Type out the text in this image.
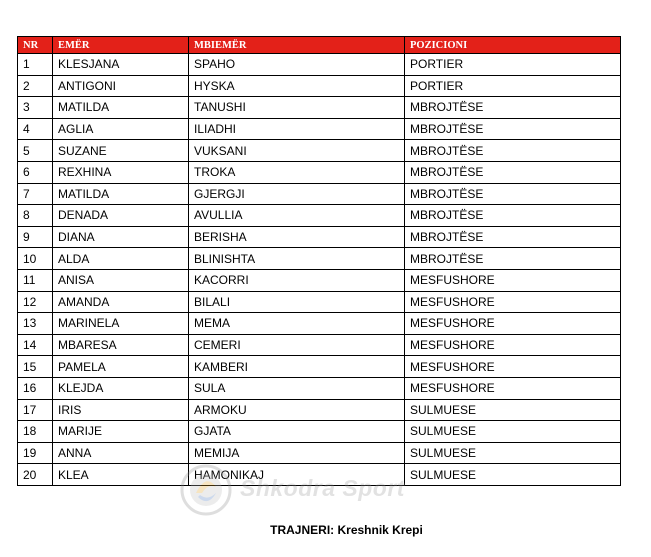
NR	EMËR	MBIEMËR	POZICIONI
1	KLESJANA	SPAHO	PORTIER
2	ANTIGONI	HYSKA	PORTIER
3	MATILDA	TANUSHI	MBROJTËSE
4	AGLIA	ILIADHI	MBROJTËSE
5	SUZANE	VUKSANI	MBROJTËSE
6	REXHINA	TROKA	MBROJTËSE
7	MATILDA	GJERGJI	MBROJTËSE
8	DENADA	AVULLIA	MBROJTËSE
9	DIANA	BERISHA	MBROJTËSE
10	ALDA	BLINISHTA	MBROJTËSE
11	ANISA	KACORRI	MESFUSHORE
12	AMANDA	BILALI	MESFUSHORE
13	MARINELA	MEMA	MESFUSHORE
14	MBARESA	CEMERI	MESFUSHORE
15	PAMELA	KAMBERI	MESFUSHORE
16	KLEJDA	SULA	MESFUSHORE
17	IRIS	ARMOKU	SULMUESE
18	MARIJE	GJATA	SULMUESE
19	ANNA	MEMIJA	SULMUESE
20	KLEA	HAMONIKAJ	SULMUESE
Shkodra Sport
TRAJNERI: Kreshnik Krepi
